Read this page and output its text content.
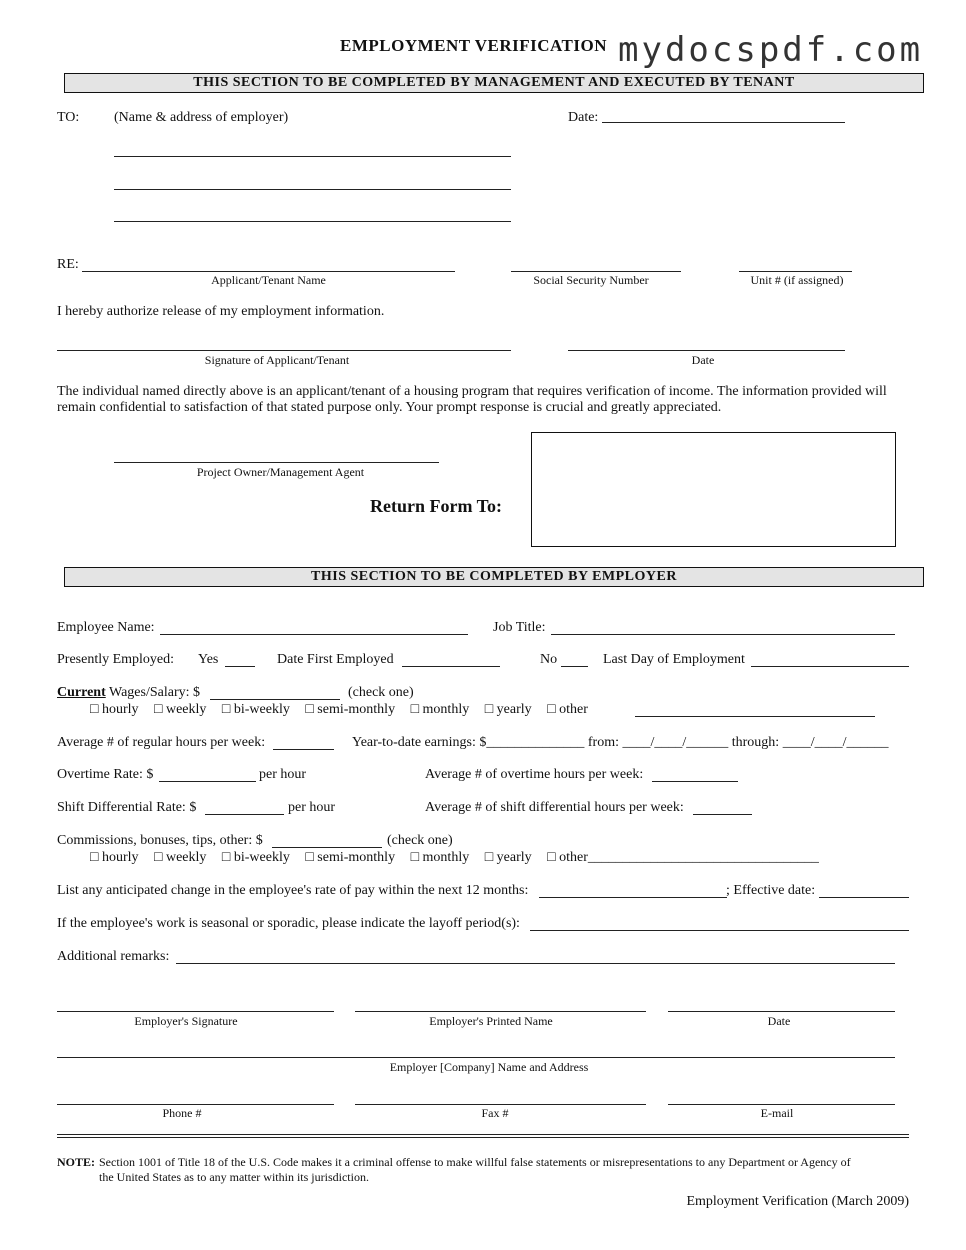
EMPLOYMENT VERIFICATION mydocspdf.com
THIS SECTION TO BE COMPLETED BY MANAGEMENT AND EXECUTED BY TENANT
TO: (Name & address of employer)	Date:
RE:
Applicant/Tenant Name	Social Security Number	Unit # (if assigned)
I hereby authorize release of my employment information.
Signature of Applicant/Tenant	Date
The individual named directly above is an applicant/tenant of a housing program that requires verification of income. The information provided will
remain confidential to satisfaction of that stated purpose only. Your prompt response is crucial and greatly appreciated.
Project Owner/Management Agent
Return Form To:
THIS SECTION TO BE COMPLETED BY EMPLOYER
Employee Name:	Job Title:
Presently Employed: Yes	Date First Employed	No	Last Day of Employment
Current Wages/Salary: $	(check one)
□ hourly □ weekly □ bi-weekly □ semi-monthly □ monthly □ yearly □ other
Average # of regular hours per week:	Year-to-date earnings: $______________ from: ____/____/______ through: ____/____/______
Overtime Rate: $	per hour	Average # of overtime hours per week:
Shift Differential Rate: $	per hour	Average # of shift differential hours per week:
Commissions, bonuses, tips, other: $	(check one)
□ hourly □ weekly □ bi-weekly □ semi-monthly □ monthly □ yearly □ other_________________________________
List any anticipated change in the employee's rate of pay within the next 12 months:	; Effective date:
If the employee's work is seasonal or sporadic, please indicate the layoff period(s):
Additional remarks:
Employer's Signature	Employer's Printed Name	Date
Employer [Company] Name and Address
Phone #	Fax #	E-mail
NOTE: Section 1001 of Title 18 of the U.S. Code makes it a criminal offense to make willful false statements or misrepresentations to any Department or Agency of
the United States as to any matter within its jurisdiction.
Employment Verification (March 2009)
